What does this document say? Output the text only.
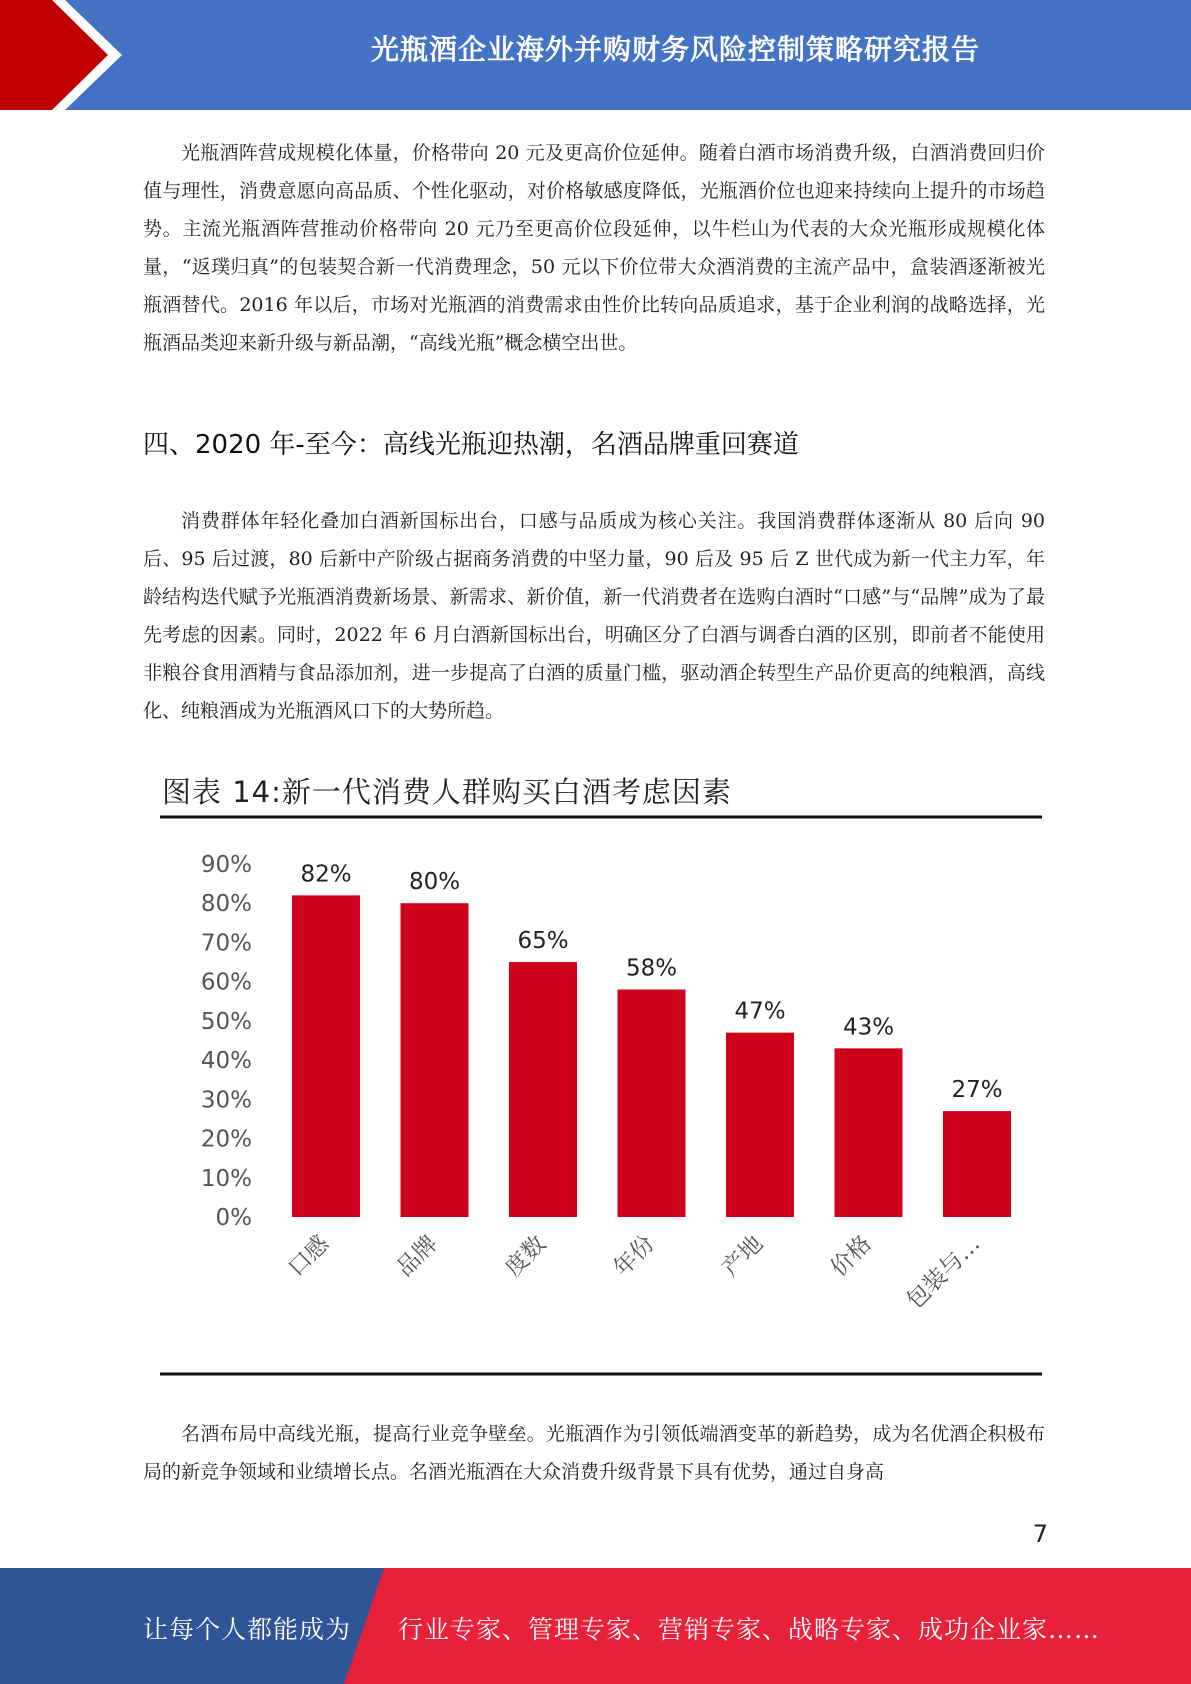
光瓶酒企业海外并购财务风险控制策略研究报告

光瓶酒阵营成规模化体量，价格带向 20 元及更高价位延伸。随着白酒市场消费升级，白酒消费回归价值与理性，消费意愿向高品质、个性化驱动，对价格敏感度降低，光瓶酒价位也迎来持续向上提升的市场趋势。主流光瓶酒阵营推动价格带向 20 元乃至更高价位段延伸，以牛栏山为代表的大众光瓶形成规模化体量，“返璞归真”的包装契合新一代消费理念，50 元以下价位带大众酒消费的主流产品中，盒装酒逐渐被光瓶酒替代。2016 年以后，市场对光瓶酒的消费需求由性价比转向品质追求，基于企业利润的战略选择，光瓶酒品类迎来新升级与新品潮，“高线光瓶”概念横空出世。

四、2020 年-至今：高线光瓶迎热潮，名酒品牌重回赛道

消费群体年轻化叠加白酒新国标出台，口感与品质成为核心关注。我国消费群体逐渐从 80 后向 90 后、95 后过渡，80 后新中产阶级占据商务消费的中坚力量，90 后及 95 后 Z 世代成为新一代主力军，年龄结构迭代赋予光瓶酒消费新场景、新需求、新价值，新一代消费者在选购白酒时“口感”与“品牌”成为了最先考虑的因素。同时，2022 年 6 月白酒新国标出台，明确区分了白酒与调香白酒的区别，即前者不能使用非粮谷食用酒精与食品添加剂，进一步提高了白酒的质量门槛，驱动酒企转型生产品价更高的纯粮酒，高线化、纯粮酒成为光瓶酒风口下的大势所趋。

图表 14:新一代消费人群购买白酒考虑因素
0%
10%
20%
30%
40%
50%
60%
70%
80%
90% 82% 80%
65%
58%
47%
43%
27%
口感	品牌	度数	年份	产地	价格 包装与…

名酒布局中高线光瓶，提高行业竞争壁垒。光瓶酒作为引领低端酒变革的新趋势，成为名优酒企积极布局的新竞争领域和业绩增长点。名酒光瓶酒在大众消费升级背景下具有优势，通过自身高

7
让每个人都能成为 行业专家、管理专家、营销专家、战略专家、成功企业家……
